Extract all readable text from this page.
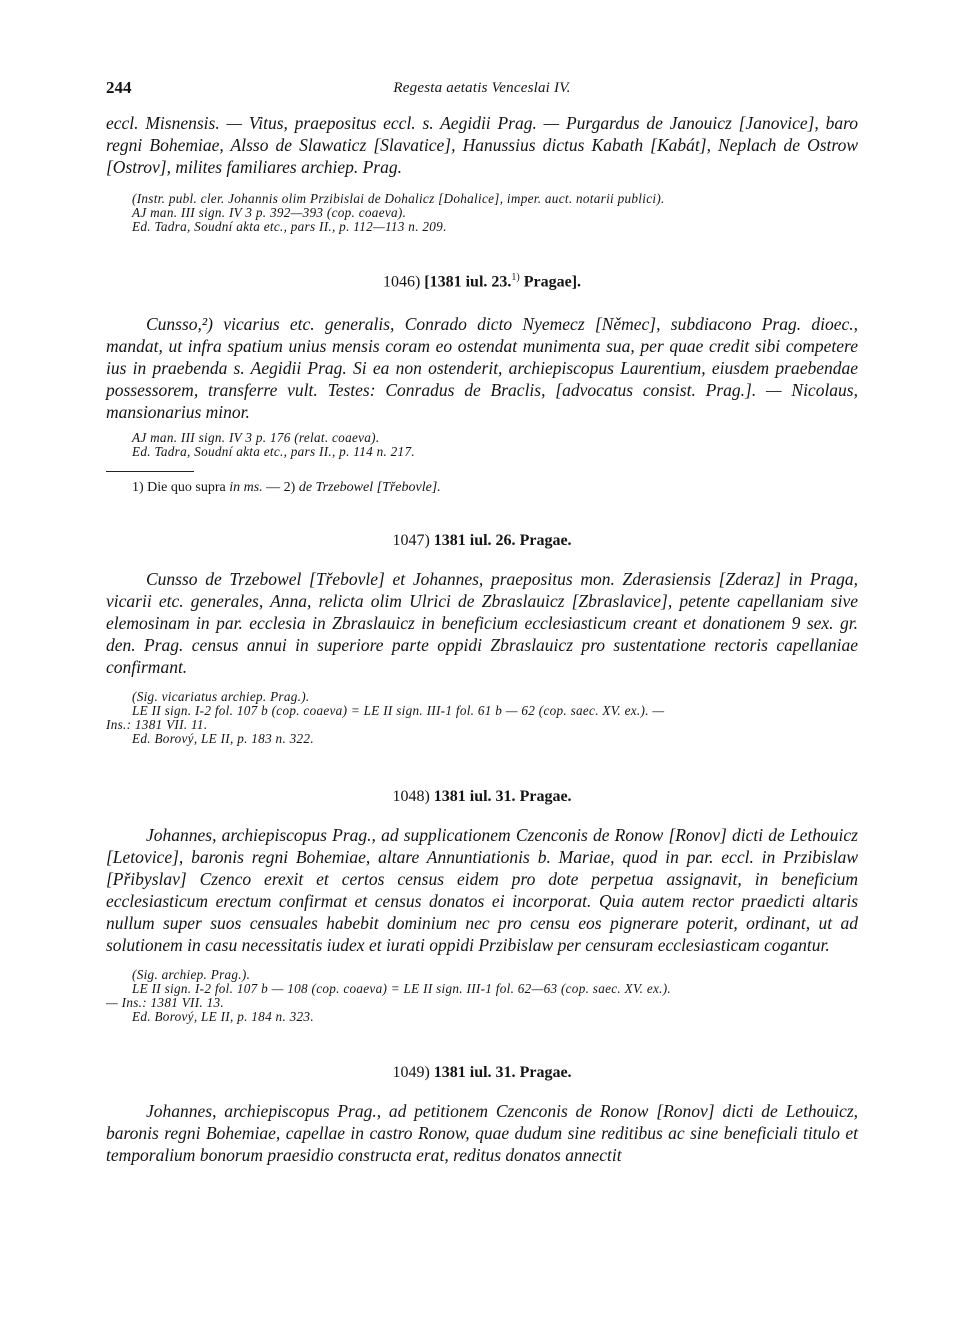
244	Regesta aetatis Venceslai IV.

eccl. Misnensis. — Vitus, praepositus eccl. s. Aegidii Prag. — Purgardus de Janouicz [Janovice], baro regni Bohemiae, Alsso de Slawaticz [Slavatice], Hanussius dictus Kabath [Kabát], Neplach de Ostrow [Ostrov], milites familiares archiep. Prag.

(Instr. publ. cler. Johannis olim Przibislai de Dohalicz [Dohalice], imper. auct. notarii publici).

AJ man. III sign. IV 3 p. 392—393 (cop. coaeva).

Ed. Tadra, Soudní akta etc., pars II., p. 112—113 n. 209.

1046) [1381 iul. 23.$^{1)}$ Pragae].

Cunsso,²) vicarius etc. generalis, Conrado dicto Nyemecz [Němec], subdiacono Prag. dioec., mandat, ut infra spatium unius mensis coram eo ostendat munimenta sua, per quae credit sibi competere ius in praebenda s. Aegidii Prag. Si ea non ostenderit, archiepiscopus Laurentium, eiusdem praebendae possessorem, transferre vult. Testes: Conradus de Braclis, [advocatus consist. Prag.]. — Nicolaus, mansionarius minor.

AJ man. III sign. IV 3 p. 176 (relat. coaeva).

Ed. Tadra, Soudní akta etc., pars II., p. 114 n. 217.

1) Die quo supra in ms. — 2) de Trzebowel [Třebovle].

1047) 1381 iul. 26. Pragae.

Cunsso de Trzebowel [Třebovle] et Johannes, praepositus mon. Zderasiensis [Zderaz] in Praga, vicarii etc. generales, Anna, relicta olim Ulrici de Zbraslauicz [Zbraslavice], petente capellaniam sive elemosinam in par. ecclesia in Zbraslauicz in beneficium ecclesiasticum creant et donationem 9 sex. gr. den. Prag. census annui in superiore parte oppidi Zbraslauicz pro sustentatione rectoris capellaniae confirmant.

(Sig. vicariatus archiep. Prag.).

LE II sign. I-2 fol. 107 b (cop. coaeva) = LE II sign. III-1 fol. 61 b — 62 (cop. saec. XV. ex.). —

Ins.: 1381 VII. 11.

Ed. Borový, LE II, p. 183 n. 322.

1048) 1381 iul. 31. Pragae.

Johannes, archiepiscopus Prag., ad supplicationem Czenconis de Ronow [Ronov] dicti de Lethouicz [Letovice], baronis regni Bohemiae, altare Annuntiationis b. Mariae, quod in par. eccl. in Przibislaw [Přibyslav] Czenco erexit et certos census eidem pro dote perpetua assignavit, in beneficium ecclesiasticum erectum confirmat et census donatos ei incorporat. Quia autem rector praedicti altaris nullum super suos censuales habebit dominium nec pro censu eos pignerare poterit, ordinant, ut ad solutionem in casu necessitatis iudex et iurati oppidi Przibislaw per censuram ecclesiasticam cogantur.

(Sig. archiep. Prag.).

LE II sign. I-2 fol. 107 b — 108 (cop. coaeva) = LE II sign. III-1 fol. 62—63 (cop. saec. XV. ex.).

— Ins.: 1381 VII. 13.

Ed. Borový, LE II, p. 184 n. 323.

1049) 1381 iul. 31. Pragae.

Johannes, archiepiscopus Prag., ad petitionem Czenconis de Ronow [Ronov] dicti de Lethouicz, baronis regni Bohemiae, capellae in castro Ronow, quae dudum sine reditibus ac sine beneficiali titulo et temporalium bonorum praesidio constructa erat, reditus donatos annectit
